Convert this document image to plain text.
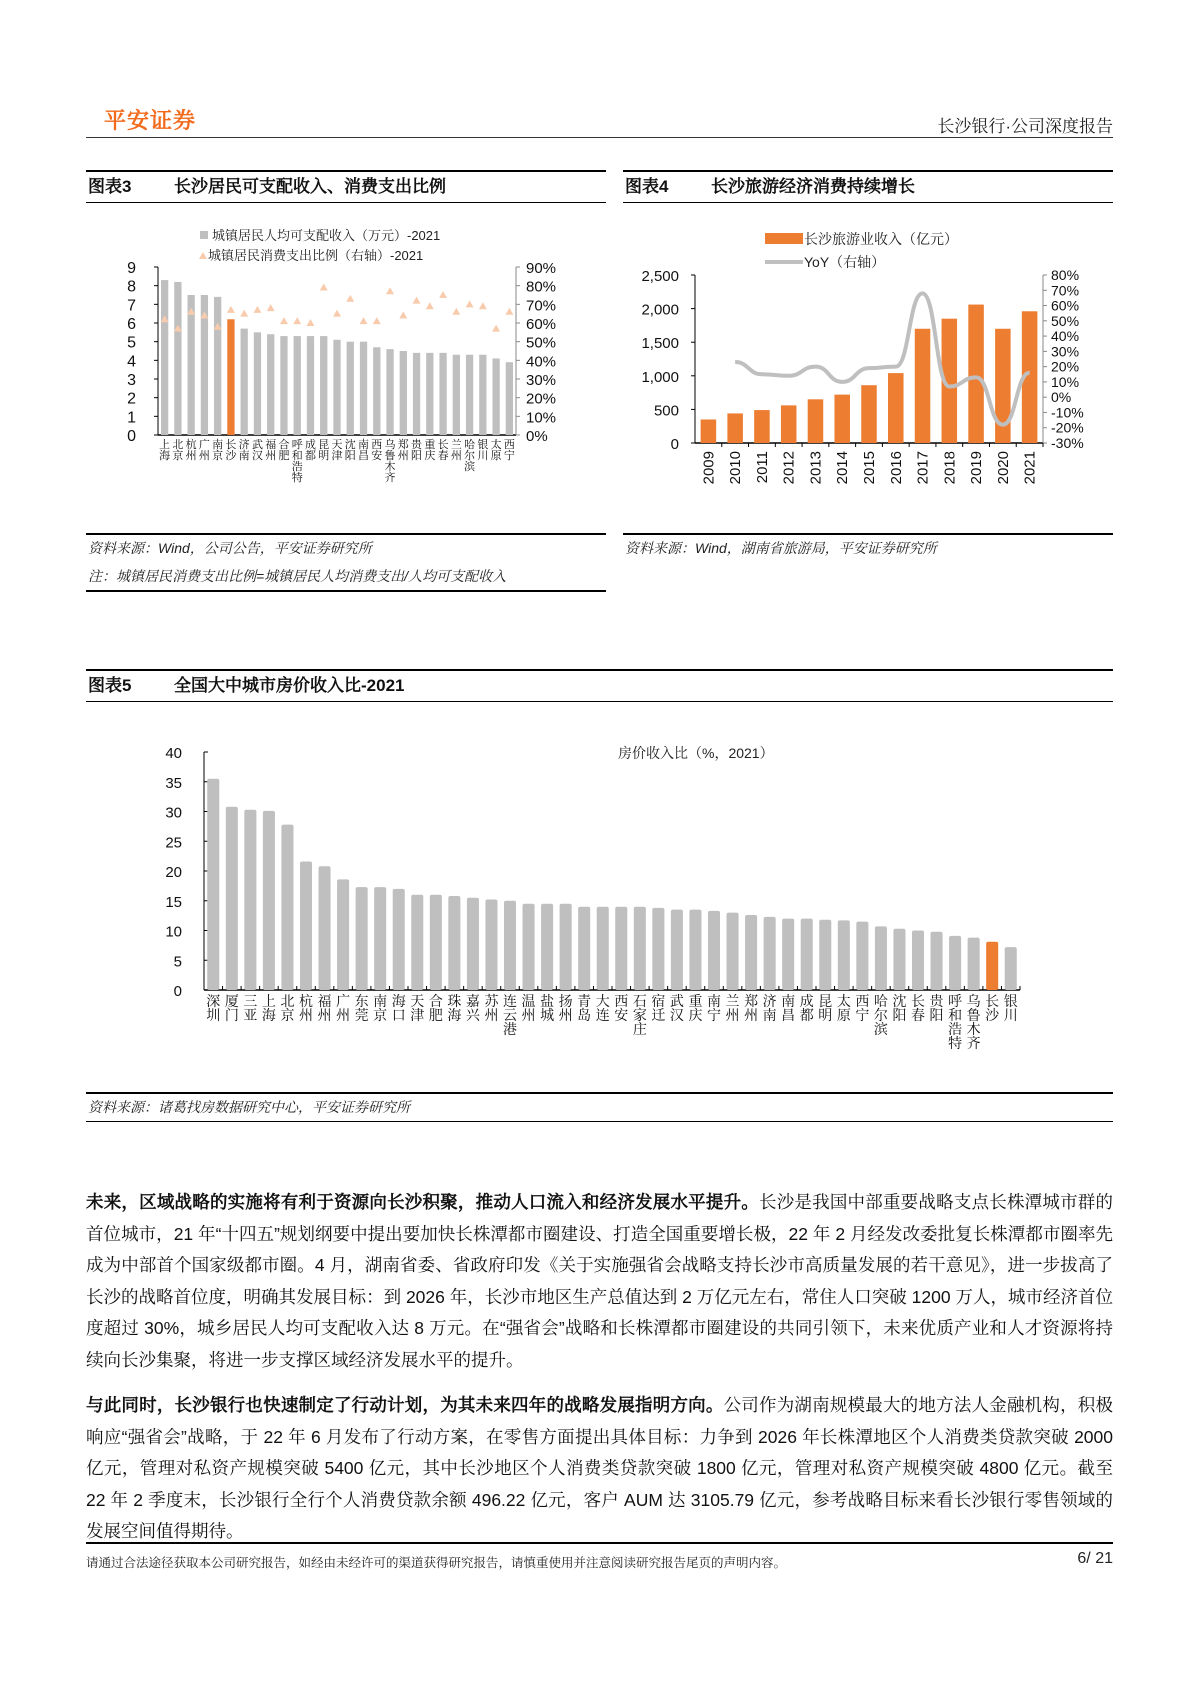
平安证券	长沙银行·公司深度报告
图表3	长沙居民可支配收入、消费支出比例
城镇居民人均可支配收入（万元）-2021
城镇居民消费支出比例（右轴）-2021
0
1
2
3
4
5
6
7
8
9
0%
10%
20%
30%
40%
50%
60%
70%
80%
90%
上
海
北
京
杭
州
广
州
南
京
长
沙
济
南
武
汉
福
州
合
肥
呼
和
浩
特
成
都
昆
明
天
津
沈
阳
南
昌
西
安
乌
鲁
木
齐
郑
州
贵
阳
重
庆
长
春
兰
州
哈
尔
滨
银
川
太
原
西
宁
资料来源：Wind，公司公告，平安证券研究所
注：城镇居民消费支出比例=城镇居民人均消费支出/人均可支配收入
图表4	长沙旅游经济消费持续增长
长沙旅游业收入（亿元）
YoY（右轴）
0
500
1,000
1,500
2,000
2,500
-30%
-20%
-10%
0%
10%
20%
30%
40%
50%
60%
70%
80%
2009 2010 2011 2012 2013 2014 2015 2016 2017 2018 2019 2020 2021
资料来源：Wind，湖南省旅游局，平安证券研究所
图表5	全国大中城市房价收入比-2021
房价收入比（%，2021）
0
5
10
15
20
25
30
35
40
深
圳
厦
门
三
亚
上
海
北
京
杭
州
福
州
广
州
东
莞
南
京
海
口
天
津
合
肥
珠
海
嘉
兴
苏
州
连
云
港
温
州
盐
城
扬
州
青
岛
大
连
西
安
石
家
庄
宿
迁
武
汉
重
庆
南
宁
兰
州
郑
州
济
南
南
昌
成
都
昆
明
太
原
西
宁
哈
尔
滨
沈
阳
长
春
贵
阳
呼
和
浩
特
乌
鲁
木
齐
长
沙
银
川
资料来源：诸葛找房数据研究中心，平安证券研究所
未来，区域战略的实施将有利于资源向长沙积聚，推动人口流入和经济发展水平提升。长沙是我国中部重要战略支点长株潭城市群的首位城市，21 年“十四五”规划纲要中提出要加快长株潭都市圈建设、打造全国重要增长极，22 年 2 月经发改委批复长株潭都市圈率先成为中部首个国家级都市圈。4 月，湖南省委、省政府印发《关于实施强省会战略支持长沙市高质量发展的若干意见》，进一步拔高了长沙的战略首位度，明确其发展目标：到 2026 年，长沙市地区生产总值达到 2 万亿元左右，常住人口突破 1200 万人，城市经济首位度超过 30%，城乡居民人均可支配收入达 8 万元。在“强省会”战略和长株潭都市圈建设的共同引领下，未来优质产业和人才资源将持续向长沙集聚，将进一步支撑区域经济发展水平的提升。
与此同时，长沙银行也快速制定了行动计划，为其未来四年的战略发展指明方向。公司作为湖南规模最大的地方法人金融机构，积极响应“强省会”战略，于 22 年 6 月发布了行动方案，在零售方面提出具体目标：力争到 2026 年长株潭地区个人消费类贷款突破 2000 亿元，管理对私资产规模突破 5400 亿元，其中长沙地区个人消费类贷款突破 1800 亿元，管理对私资产规模突破 4800 亿元。截至 22 年 2 季度末，长沙银行全行个人消费贷款余额 496.22 亿元，客户 AUM 达 3105.79 亿元，参考战略目标来看长沙银行零售领域的发展空间值得期待。
请通过合法途径获取本公司研究报告，如经由未经许可的渠道获得研究报告，请慎重使用并注意阅读研究报告尾页的声明内容。	6/ 21
